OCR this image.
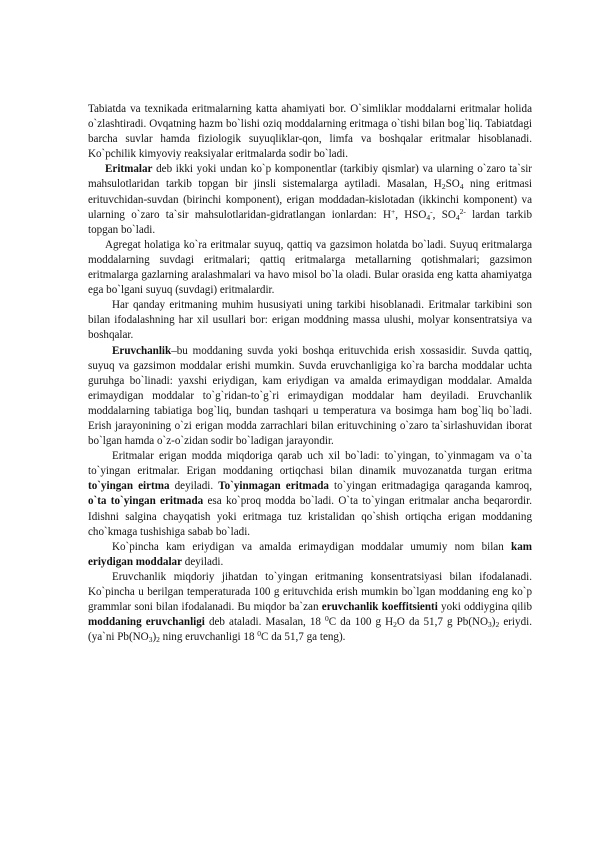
Tabiatda va texnikada eritmalarning katta ahamiyati bor. O`simliklar moddalarni eritmalar holida o`zlashtiradi. Ovqatning hazm bo`lishi oziq moddalarning eritmaga o`tishi bilan bog`liq. Tabiatdagi barcha suvlar hamda fiziologik suyuqliklar-qon, limfa va boshqalar eritmalar hisoblanadi. Ko`pchilik kimyoviy reaksiyalar eritmalarda sodir bo`ladi.

Eritmalar deb ikki yoki undan ko`p komponentlar (tarkibiy qismlar) va ularning o`zaro ta`sir mahsulotlaridan tarkib topgan bir jinsli sistemalarga aytiladi. Masalan, $H_2SO_4$ ning eritmasi erituvchidan-suvdan (birinchi komponent), erigan moddadan-kislotadan (ikkinchi komponent) va ularning o`zaro ta`sir mahsulotlaridan-gidratlangan ionlardan: H+, $HSO_4^-$, $SO_4^{2-}$ lardan tarkib topgan bo`ladi.

Agregat holatiga ko`ra eritmalar suyuq, qattiq va gazsimon holatda bo`ladi. Suyuq eritmalarga moddalarning suvdagi eritmalari; qattiq eritmalarga metallarning qotishmalari; gazsimon eritmalarga gazlarning aralashmalari va havo misol bo`la oladi. Bular orasida eng katta ahamiyatga ega bo`lgani suyuq (suvdagi) eritmalardir.

Har qanday eritmaning muhim hususiyati uning tarkibi hisoblanadi. Eritmalar tarkibini son bilan ifodalashning har xil usullari bor: erigan moddning massa ulushi, molyar konsentratsiya va boshqalar.

Eruvchanlik–bu moddaning suvda yoki boshqa erituvchida erish xossasidir. Suvda qattiq, suyuq va gazsimon moddalar erishi mumkin. Suvda eruvchanligiga ko`ra barcha moddalar uchta guruhga bo`linadi: yaxshi eriydigan, kam eriydigan va amalda erimaydigan moddalar. Amalda erimaydigan moddalar to`g`ridan-to`g`ri erimaydigan moddalar ham deyiladi. Eruvchanlik moddalarning tabiatiga bog`liq, bundan tashqari u temperatura va bosimga ham bog`liq bo`ladi. Erish jarayonining o`zi erigan modda zarrachlari bilan erituvchining o`zaro ta`sirlashuvidan iborat bo`lgan hamda o`z-o`zidan sodir bo`ladigan jarayondir.

Eritmalar erigan modda miqdoriga qarab uch xil bo`ladi: to`yingan, to`yinmagam va o`ta to`yingan eritmalar. Erigan moddaning ortiqchasi bilan dinamik muvozanatda turgan eritma to`yingan eirtma deyiladi. To`yinmagan eritmada to`yingan eritmadagiga qaraganda kamroq, o`ta to`yingan eritmada esa ko`proq modda bo`ladi. O`ta to`yingan eritmalar ancha beqarordir. Idishni salgina chayqatish yoki eritmaga tuz kristalidan qo`shish ortiqcha erigan moddaning cho`kmaga tushishiga sabab bo`ladi.

Ko`pincha kam eriydigan va amalda erimaydigan moddalar umumiy nom bilan kam eriydigan moddalar deyiladi.

Eruvchanlik miqdoriy jihatdan to`yingan eritmaning konsentratsiyasi bilan ifodalanadi. Ko`pincha u berilgan temperaturada 100 g erituvchida erish mumkin bo`lgan moddaning eng ko`p grammlar soni bilan ifodalanadi. Bu miqdor ba`zan eruvchanlik koeffitsienti yoki oddiygina qilib moddaning eruvchanligi deb ataladi. Masalan, 18 $^0$C da 100 g $H_2O$ da 51,7 g $Pb(NO_3)_2$ eriydi. (ya`ni $Pb(NO_3)_2$ ning eruvchanligi 18 $^0$C da 51,7 ga teng).
